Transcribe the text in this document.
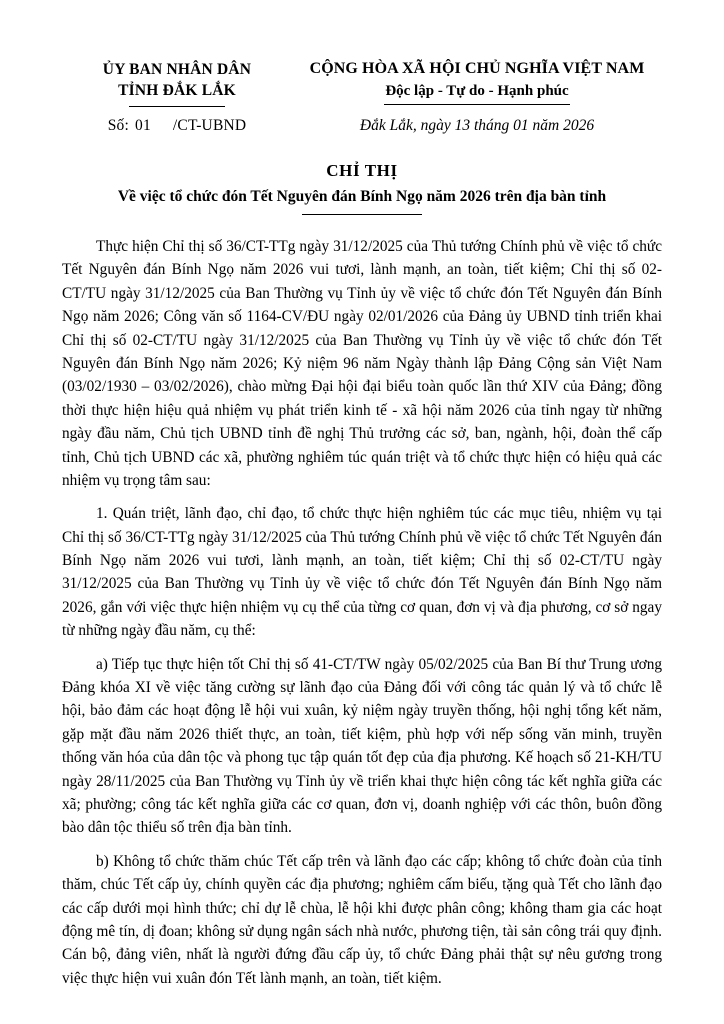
ỦY BAN NHÂN DÂN
TỈNH ĐẮK LẮK
Số: 01 /CT-UBND
CỘNG HÒA XÃ HỘI CHỦ NGHĨA VIỆT NAM
Độc lập - Tự do - Hạnh phúc
Đắk Lắk, ngày 13 tháng 01 năm 2026
CHỈ THỊ
Về việc tổ chức đón Tết Nguyên đán Bính Ngọ năm 2026 trên địa bàn tỉnh

Thực hiện Chỉ thị số 36/CT-TTg ngày 31/12/2025 của Thủ tướng Chính phủ về việc tổ chức Tết Nguyên đán Bính Ngọ năm 2026 vui tươi, lành mạnh, an toàn, tiết kiệm; Chỉ thị số 02-CT/TU ngày 31/12/2025 của Ban Thường vụ Tỉnh ủy về việc tổ chức đón Tết Nguyên đán Bính Ngọ năm 2026; Công văn số 1164-CV/ĐU ngày 02/01/2026 của Đảng ủy UBND tỉnh triển khai Chỉ thị số 02-CT/TU ngày 31/12/2025 của Ban Thường vụ Tỉnh ủy về việc tổ chức đón Tết Nguyên đán Bính Ngọ năm 2026; Kỷ niệm 96 năm Ngày thành lập Đảng Cộng sản Việt Nam (03/02/1930 – 03/02/2026), chào mừng Đại hội đại biểu toàn quốc lần thứ XIV của Đảng; đồng thời thực hiện hiệu quả nhiệm vụ phát triển kinh tế - xã hội năm 2026 của tỉnh ngay từ những ngày đầu năm, Chủ tịch UBND tỉnh đề nghị Thủ trưởng các sở, ban, ngành, hội, đoàn thể cấp tỉnh, Chủ tịch UBND các xã, phường nghiêm túc quán triệt và tổ chức thực hiện có hiệu quả các nhiệm vụ trọng tâm sau:

1. Quán triệt, lãnh đạo, chỉ đạo, tổ chức thực hiện nghiêm túc các mục tiêu, nhiệm vụ tại Chỉ thị số 36/CT-TTg ngày 31/12/2025 của Thủ tướng Chính phủ về việc tổ chức Tết Nguyên đán Bính Ngọ năm 2026 vui tươi, lành mạnh, an toàn, tiết kiệm; Chỉ thị số 02-CT/TU ngày 31/12/2025 của Ban Thường vụ Tỉnh ủy về việc tổ chức đón Tết Nguyên đán Bính Ngọ năm 2026, gắn với việc thực hiện nhiệm vụ cụ thể của từng cơ quan, đơn vị và địa phương, cơ sở ngay từ những ngày đầu năm, cụ thể:

a) Tiếp tục thực hiện tốt Chỉ thị số 41-CT/TW ngày 05/02/2025 của Ban Bí thư Trung ương Đảng khóa XI về việc tăng cường sự lãnh đạo của Đảng đối với công tác quản lý và tổ chức lễ hội, bảo đảm các hoạt động lễ hội vui xuân, kỷ niệm ngày truyền thống, hội nghị tổng kết năm, gặp mặt đầu năm 2026 thiết thực, an toàn, tiết kiệm, phù hợp với nếp sống văn minh, truyền thống văn hóa của dân tộc và phong tục tập quán tốt đẹp của địa phương. Kế hoạch số 21-KH/TU ngày 28/11/2025 của Ban Thường vụ Tỉnh ủy về triển khai thực hiện công tác kết nghĩa giữa các xã; phường; công tác kết nghĩa giữa các cơ quan, đơn vị, doanh nghiệp với các thôn, buôn đồng bào dân tộc thiểu số trên địa bàn tỉnh.

b) Không tổ chức thăm chúc Tết cấp trên và lãnh đạo các cấp; không tổ chức đoàn của tỉnh thăm, chúc Tết cấp ủy, chính quyền các địa phương; nghiêm cấm biếu, tặng quà Tết cho lãnh đạo các cấp dưới mọi hình thức; chỉ dự lễ chùa, lễ hội khi được phân công; không tham gia các hoạt động mê tín, dị đoan; không sử dụng ngân sách nhà nước, phương tiện, tài sản công trái quy định. Cán bộ, đảng viên, nhất là người đứng đầu cấp ủy, tổ chức Đảng phải thật sự nêu gương trong việc thực hiện vui xuân đón Tết lành mạnh, an toàn, tiết kiệm.
